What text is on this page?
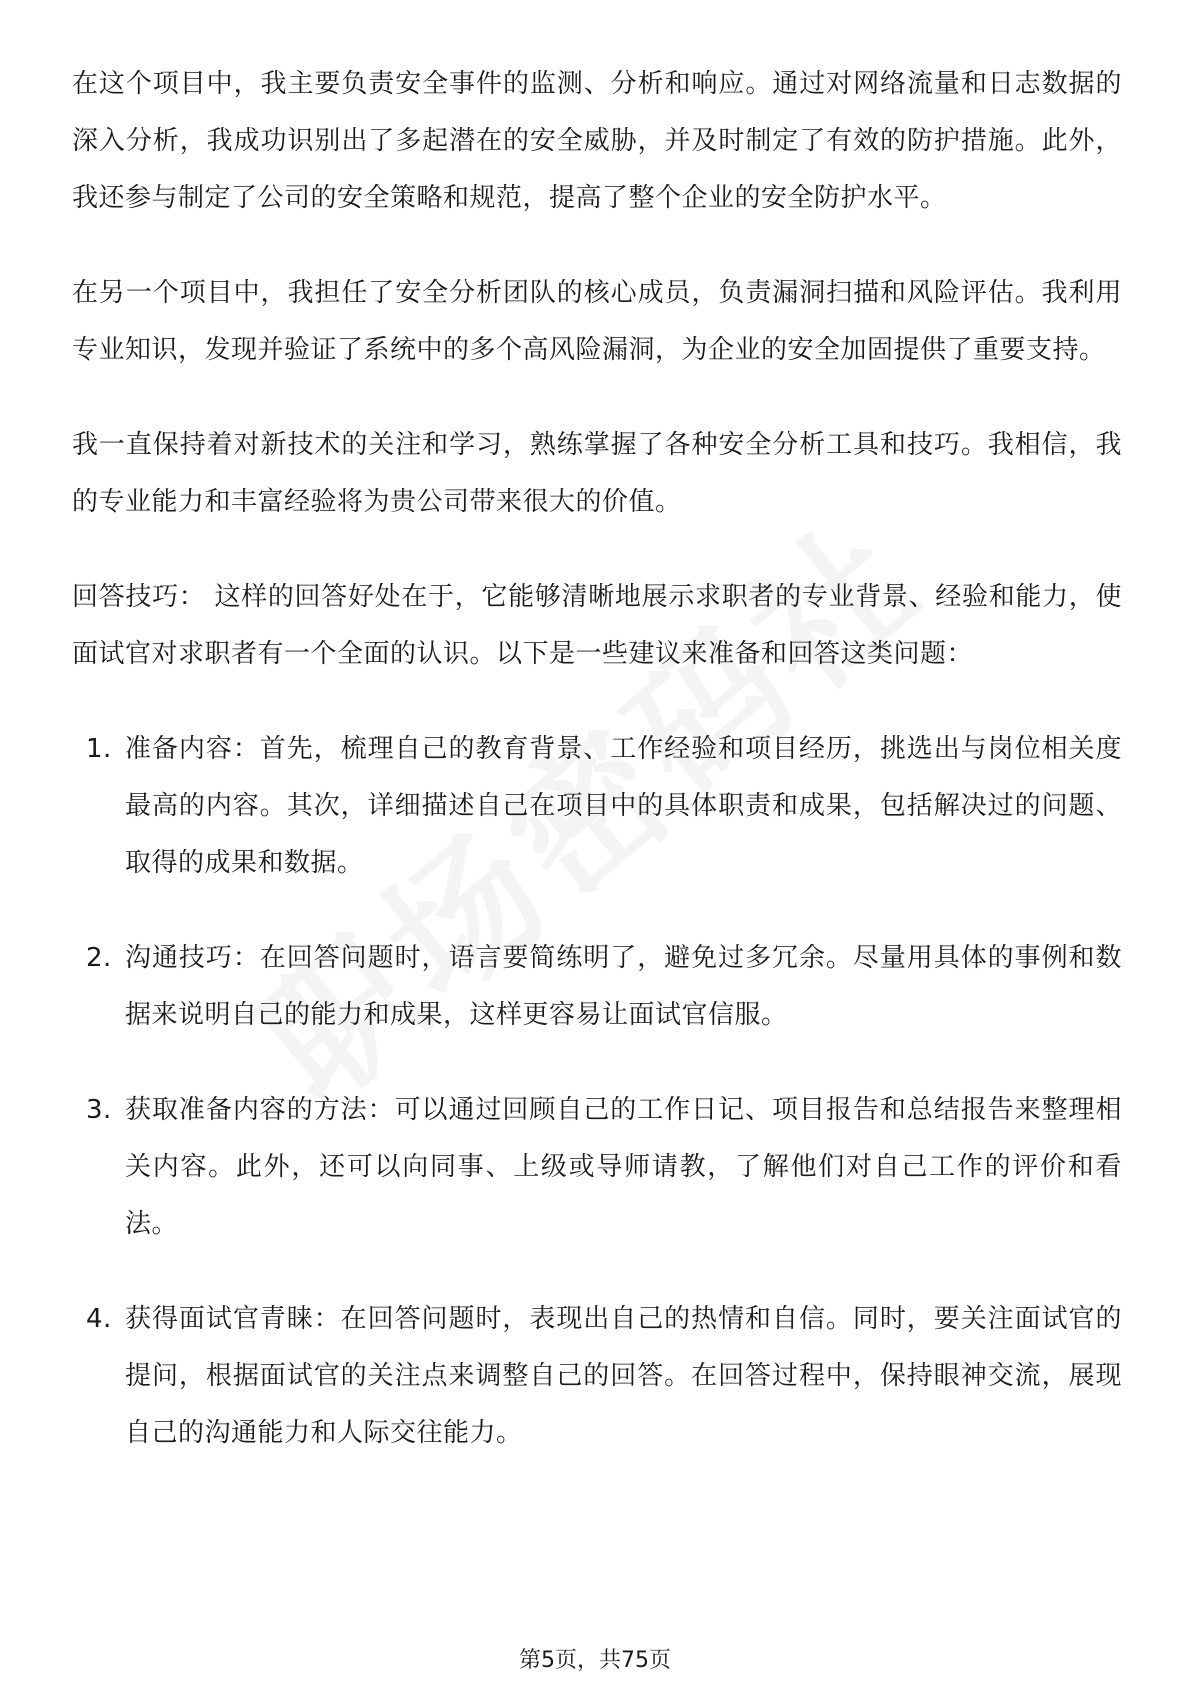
在这个项目中，我主要负责安全事件的监测、分析和响应。通过对网络流量和日志数据的深入分析，我成功识别出了多起潜在的安全威胁，并及时制定了有效的防护措施。此外，我还参与制定了公司的安全策略和规范，提高了整个企业的安全防护水平。

在另一个项目中，我担任了安全分析团队的核心成员，负责漏洞扫描和风险评估。我利用专业知识，发现并验证了系统中的多个高风险漏洞，为企业的安全加固提供了重要支持。

我一直保持着对新技术的关注和学习，熟练掌握了各种安全分析工具和技巧。我相信，我的专业能力和丰富经验将为贵公司带来很大的价值。

回答技巧： 这样的回答好处在于，它能够清晰地展示求职者的专业背景、经验和能力，使面试官对求职者有一个全面的认识。以下是一些建议来准备和回答这类问题：

1. 准备内容：首先，梳理自己的教育背景、工作经验和项目经历，挑选出与岗位相关度最高的内容。其次，详细描述自己在项目中的具体职责和成果，包括解决过的问题、取得的成果和数据。
2. 沟通技巧：在回答问题时，语言要简练明了，避免过多冗余。尽量用具体的事例和数据来说明自己的能力和成果，这样更容易让面试官信服。
3. 获取准备内容的方法：可以通过回顾自己的工作日记、项目报告和总结报告来整理相关内容。此外，还可以向同事、上级或导师请教，了解他们对自己工作的评价和看法。
4. 获得面试官青睐：在回答问题时，表现出自己的热情和自信。同时，要关注面试官的提问，根据面试官的关注点来调整自己的回答。在回答过程中，保持眼神交流，展现自己的沟通能力和人际交往能力。
第5页，共75页
